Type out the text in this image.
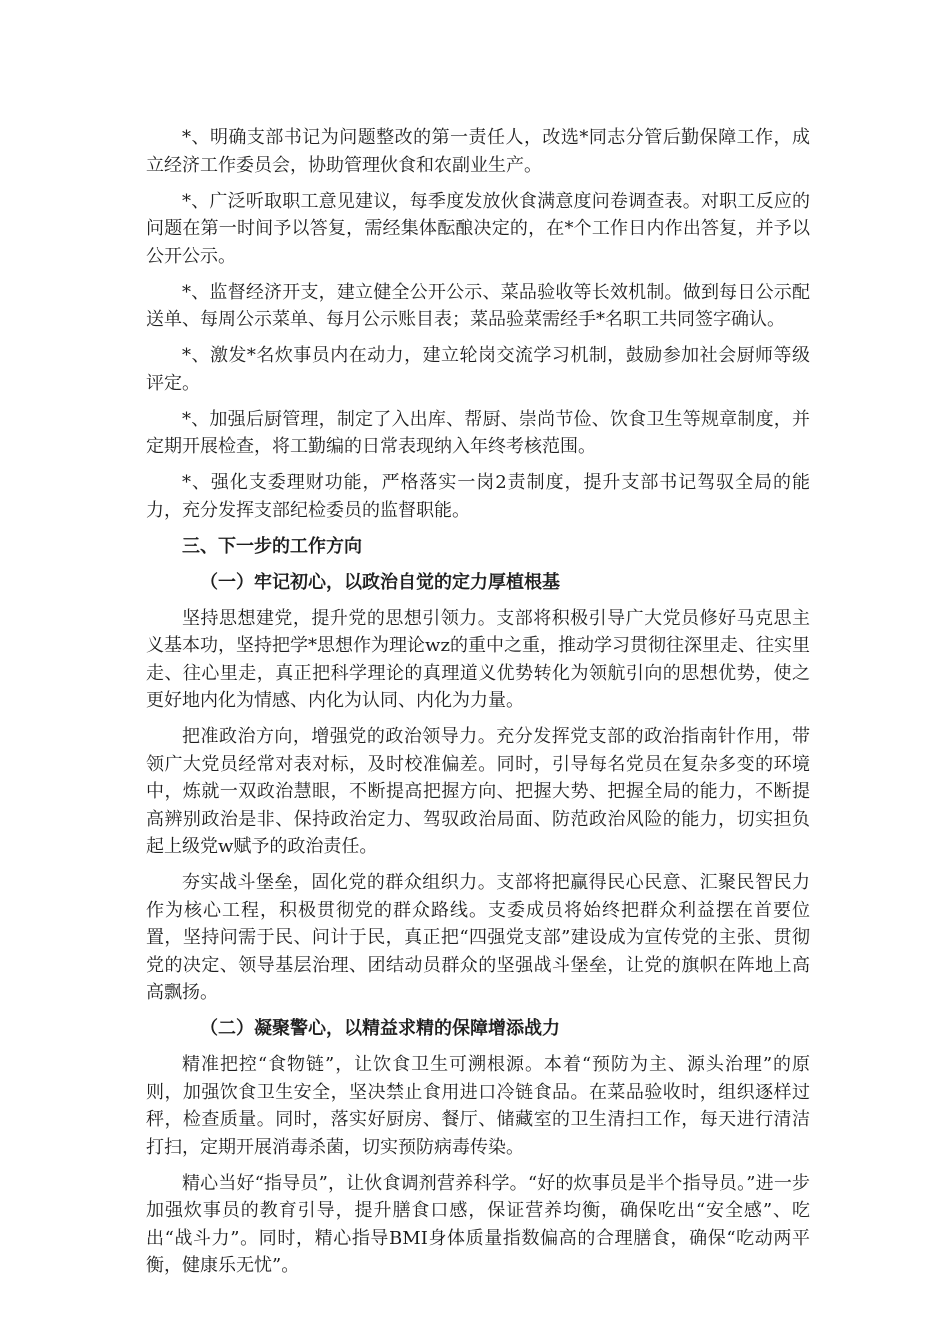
*、明确支部书记为问题整改的第一责任人，改选*同志分管后勤保障工作，成立经济工作委员会，协助管理伙食和农副业生产。

*、广泛听取职工意见建议，每季度发放伙食满意度问卷调查表。对职工反应的问题在第一时间予以答复，需经集体酝酿决定的，在*个工作日内作出答复，并予以公开公示。

*、监督经济开支，建立健全公开公示、菜品验收等长效机制。做到每日公示配送单、每周公示菜单、每月公示账目表；菜品验菜需经手*名职工共同签字确认。

*、激发*名炊事员内在动力，建立轮岗交流学习机制，鼓励参加社会厨师等级评定。

*、加强后厨管理，制定了入出库、帮厨、崇尚节俭、饮食卫生等规章制度，并定期开展检查，将工勤编的日常表现纳入年终考核范围。

*、强化支委理财功能，严格落实一岗2责制度，提升支部书记驾驭全局的能力，充分发挥支部纪检委员的监督职能。

三、下一步的工作方向

（一）牢记初心，以政治自觉的定力厚植根基

坚持思想建党，提升党的思想引领力。支部将积极引导广大党员修好马克思主义基本功，坚持把学*思想作为理论wz的重中之重，推动学习贯彻往深里走、往实里走、往心里走，真正把科学理论的真理道义优势转化为领航引向的思想优势，使之更好地内化为情感、内化为认同、内化为力量。

把准政治方向，增强党的政治领导力。充分发挥党支部的政治指南针作用，带领广大党员经常对表对标，及时校准偏差。同时，引导每名党员在复杂多变的环境中，炼就一双政治慧眼，不断提高把握方向、把握大势、把握全局的能力，不断提高辨别政治是非、保持政治定力、驾驭政治局面、防范政治风险的能力，切实担负起上级党w赋予的政治责任。

夯实战斗堡垒，固化党的群众组织力。支部将把赢得民心民意、汇聚民智民力作为核心工程，积极贯彻党的群众路线。支委成员将始终把群众利益摆在首要位置，坚持问需于民、问计于民，真正把“四强党支部”建设成为宣传党的主张、贯彻党的决定、领导基层治理、团结动员群众的坚强战斗堡垒，让党的旗帜在阵地上高高飘扬。

（二）凝聚警心，以精益求精的保障增添战力

精准把控“食物链”，让饮食卫生可溯根源。本着“预防为主、源头治理”的原则，加强饮食卫生安全，坚决禁止食用进口冷链食品。在菜品验收时，组织逐样过秤，检查质量。同时，落实好厨房、餐厅、储藏室的卫生清扫工作，每天进行清洁打扫，定期开展消毒杀菌，切实预防病毒传染。

精心当好“指导员”，让伙食调剂营养科学。“好的炊事员是半个指导员。”进一步加强炊事员的教育引导，提升膳食口感，保证营养均衡，确保吃出“安全感”、吃出“战斗力”。同时，精心指导BMI身体质量指数偏高的合理膳食，确保“吃动两平衡，健康乐无忧”。
